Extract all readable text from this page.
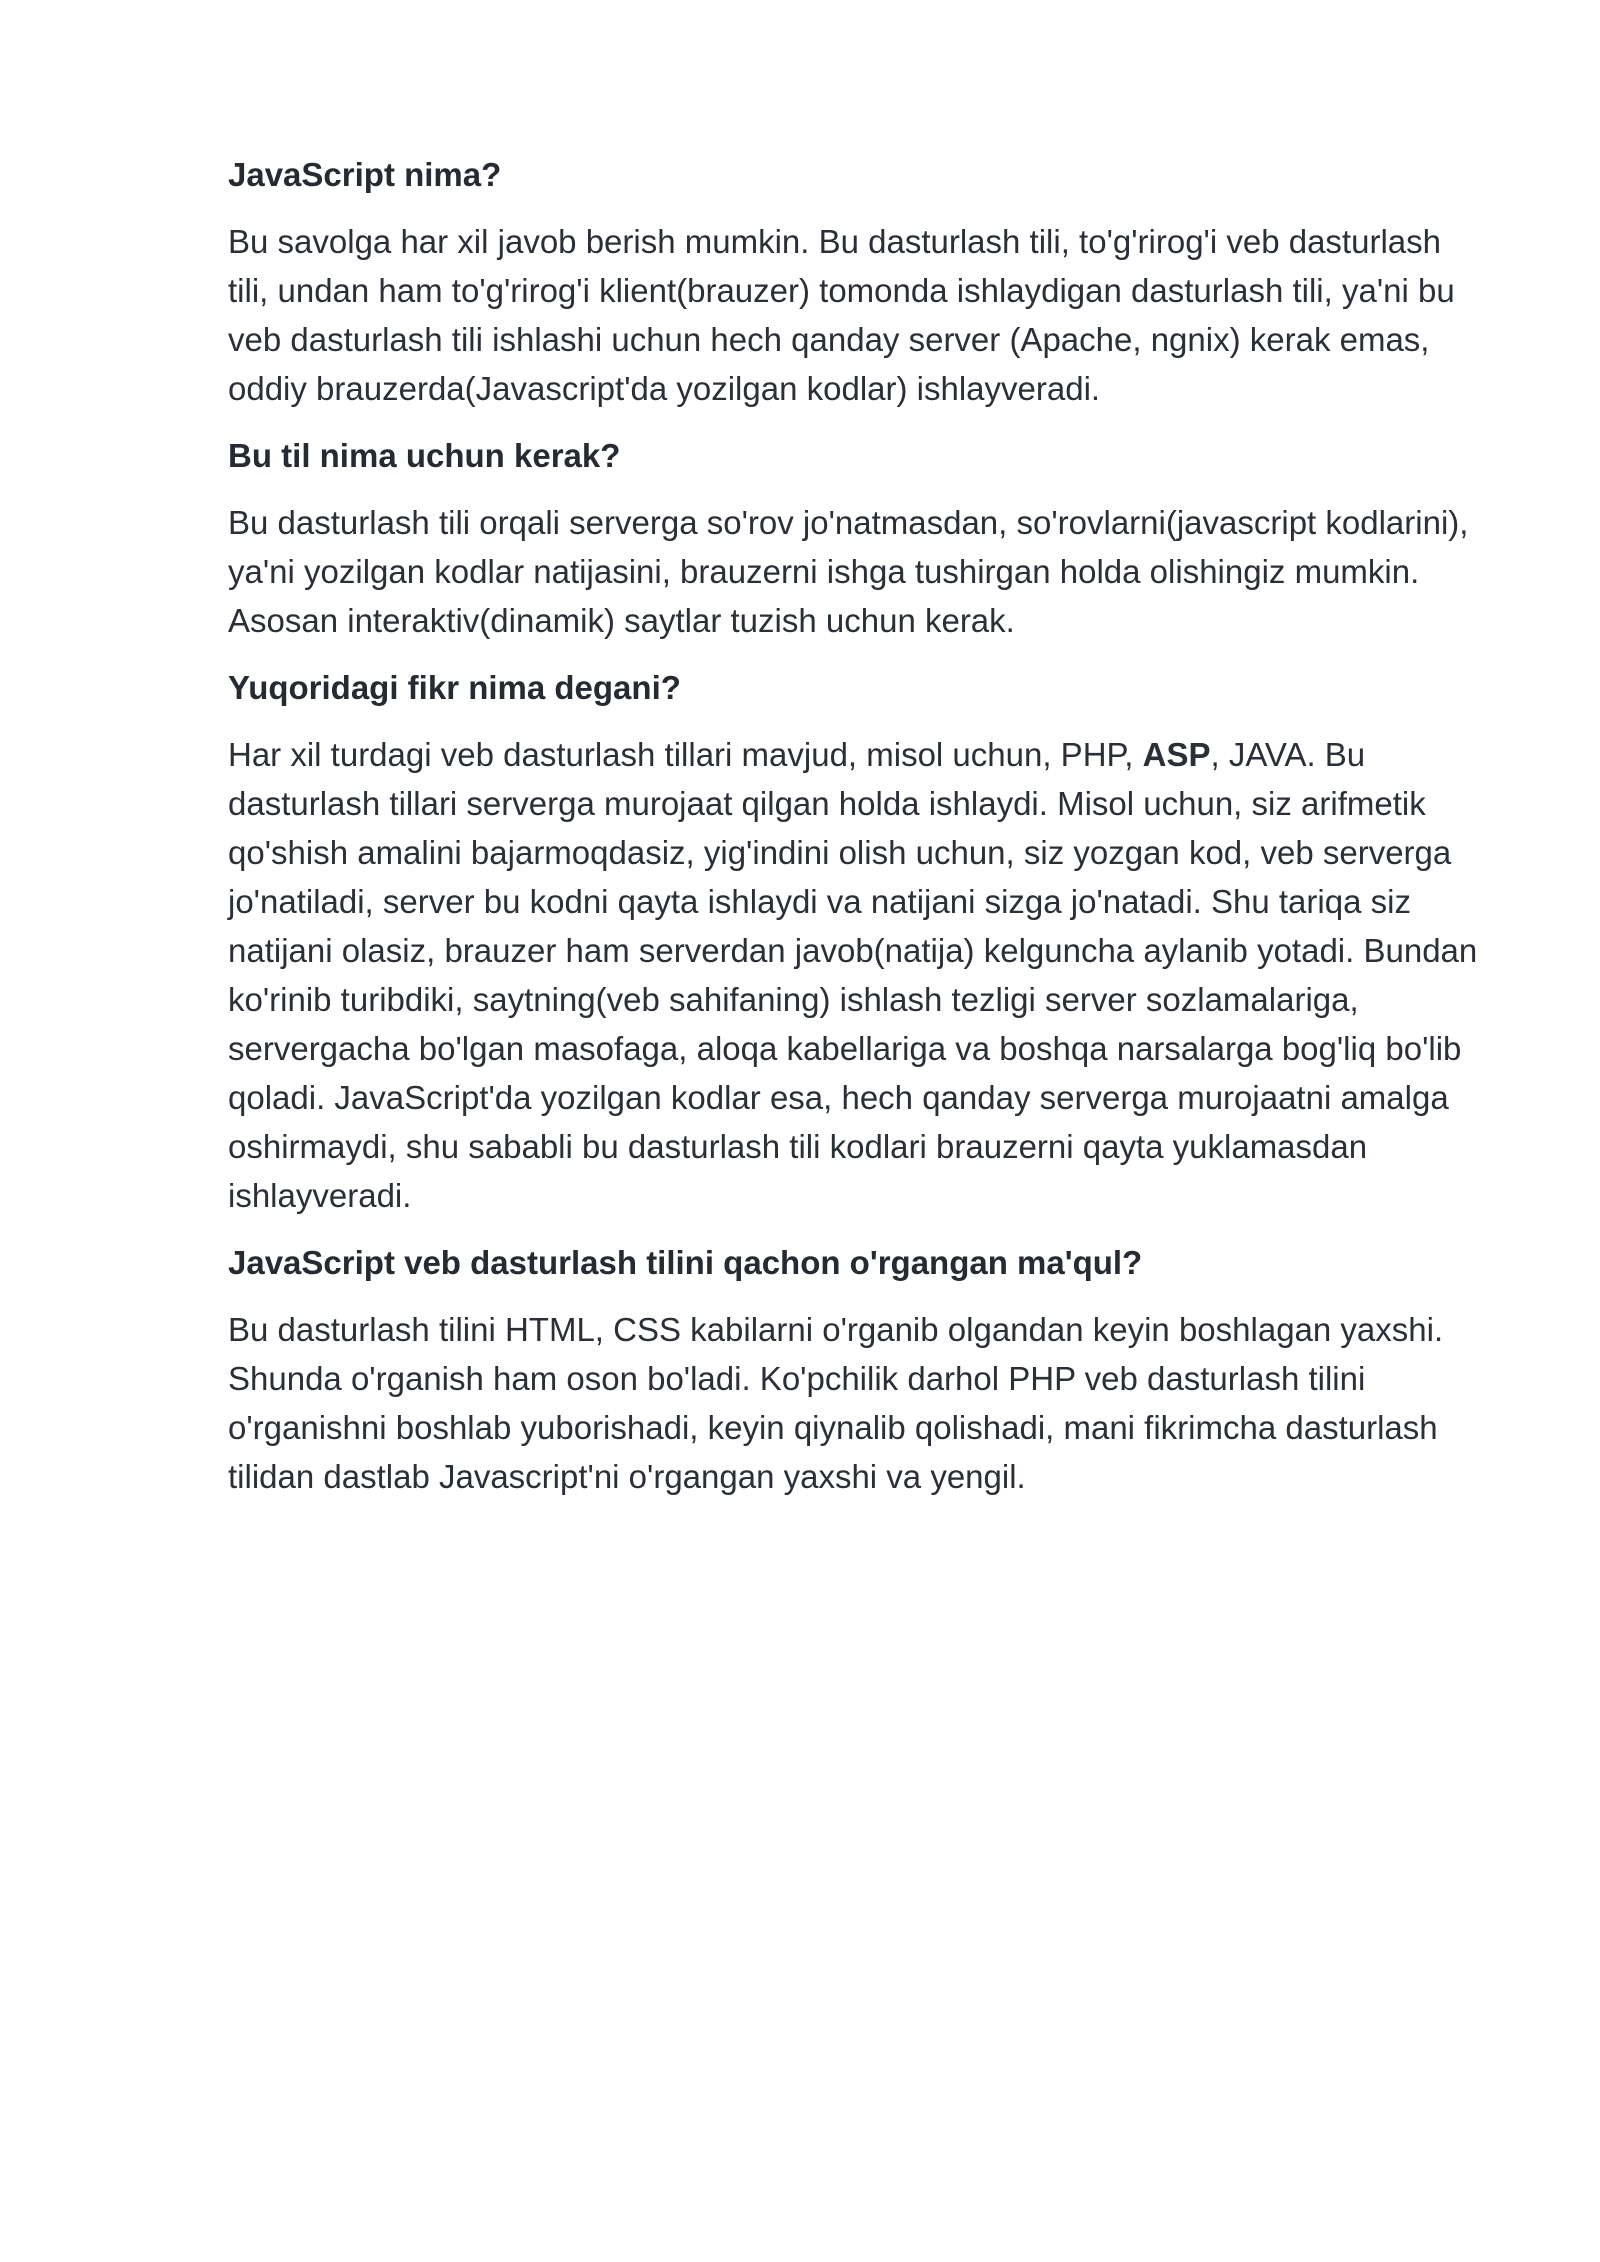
JavaScript nima?
Bu savolga har xil javob berish mumkin. Bu dasturlash tili, to'g'rirog'i veb dasturlash tili, undan ham to'g'rirog'i klient(brauzer) tomonda ishlaydigan dasturlash tili, ya'ni bu veb dasturlash tili ishlashi uchun hech qanday server (Apache, ngnix) kerak emas, oddiy brauzerda(Javascript'da yozilgan kodlar) ishlayveradi.
Bu til nima uchun kerak?
Bu dasturlash tili orqali serverga so'rov jo'natmasdan, so'rovlarni(javascript kodlarini), ya'ni yozilgan kodlar natijasini, brauzerni ishga tushirgan holda olishingiz mumkin. Asosan interaktiv(dinamik) saytlar tuzish uchun kerak.
Yuqoridagi fikr nima degani?
Har xil turdagi veb dasturlash tillari mavjud, misol uchun, PHP, ASP, JAVA. Bu dasturlash tillari serverga murojaat qilgan holda ishlaydi. Misol uchun, siz arifmetik qo'shish amalini bajarmoqdasiz, yig'indini olish uchun, siz yozgan kod, veb serverga jo'natiladi, server bu kodni qayta ishlaydi va natijani sizga jo'natadi. Shu tariqa siz natijani olasiz, brauzer ham serverdan javob(natija) kelguncha aylanib yotadi. Bundan ko'rinib turibdiki, saytning(veb sahifaning) ishlash tezligi server sozlamalariga, servergacha bo'lgan masofaga, aloqa kabellariga va boshqa narsalarga bog'liq bo'lib qoladi. JavaScript'da yozilgan kodlar esa, hech qanday serverga murojaatni amalga oshirmaydi, shu sababli bu dasturlash tili kodlari brauzerni qayta yuklamasdan ishlayveradi.
JavaScript veb dasturlash tilini qachon o'rgangan ma'qul?
Bu dasturlash tilini HTML, CSS kabilarni o'rganib olgandan keyin boshlagan yaxshi. Shunda o'rganish ham oson bo'ladi. Ko'pchilik darhol PHP veb dasturlash tilini o'rganishni boshlab yuborishadi, keyin qiynalib qolishadi, mani fikrimcha dasturlash tilidan dastlab Javascript'ni o'rgangan yaxshi va yengil.
